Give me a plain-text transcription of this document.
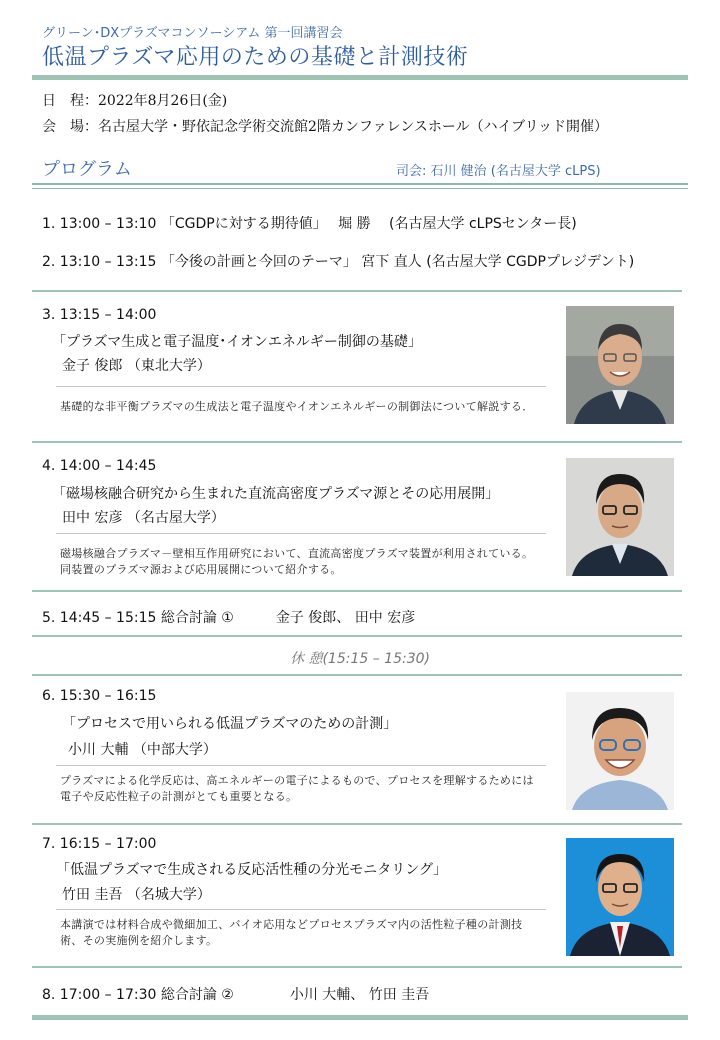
グリーン･DXプラズマコンソーシアム 第一回講習会
低温プラズマ応用のための基礎と計測技術
日　程：2022年8月26日(金)
会　場：名古屋大学・野依記念学術交流館2階カンファレンスホール（ハイブリッド開催）
プログラム	司会: 石川 健治 (名古屋大学 cLPS)
1. 13:00 – 13:10 「CGDPに対する期待値」　 堀 勝 　(名古屋大学 cLPSセンター長)
2. 13:10 – 13:15 「今後の計画と今回のテーマ」 宮下 直人 (名古屋大学 CGDPプレジデント)
3. 13:15 – 14:00
「プラズマ生成と電子温度･イオンエネルギー制御の基礎」
金子 俊郎 （東北大学）
基礎的な非平衡プラズマの生成法と電子温度やイオンエネルギーの制御法について解説する．
4. 14:00 – 14:45
「磁場核融合研究から生まれた直流高密度プラズマ源とその応用展開」
田中 宏彦 （名古屋大学）
磁場核融合プラズマ－壁相互作用研究において、直流高密度プラズマ装置が利用されている。同装置のプラズマ源および応用展開について紹介する。
5. 14:45 – 15:15 総合討論 ①　　　金子 俊郎、 田中 宏彦
休 憩(15:15 – 15:30)
6. 15:30 – 16:15
「プロセスで用いられる低温プラズマのための計測」
小川 大輔 （中部大学）
プラズマによる化学反応は、高エネルギーの電子によるもので、プロセスを理解するためには電子や反応性粒子の計測がとても重要となる。
7. 16:15 – 17:00
「低温プラズマで生成される反応活性種の分光モニタリング」
竹田 圭吾 （名城大学）
本講演では材料合成や微細加工、バイオ応用などプロセスプラズマ内の活性粒子種の計測技術、その実施例を紹介します。
8. 17:00 – 17:30 総合討論 ②　　　　小川 大輔、 竹田 圭吾
